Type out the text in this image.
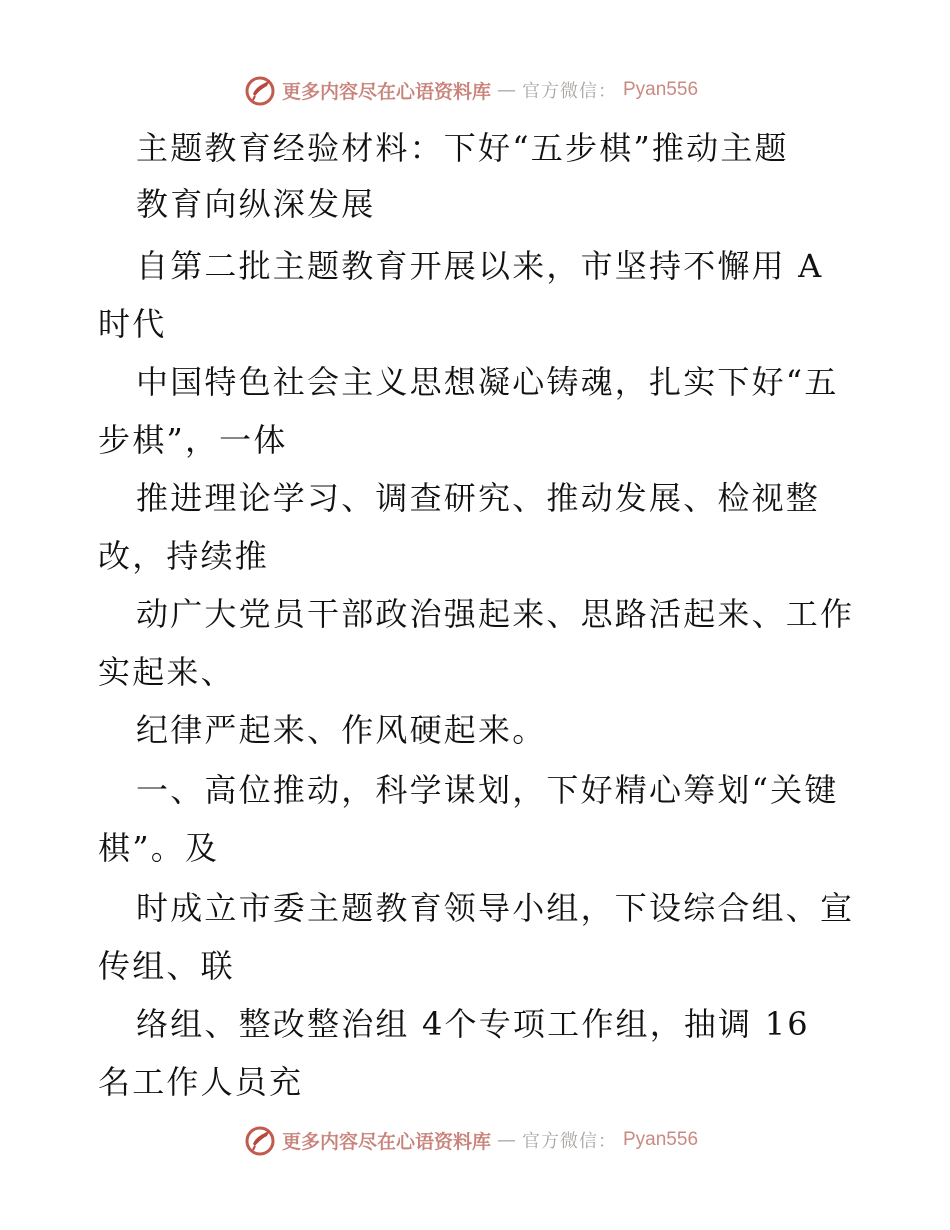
更多内容尽在心语资料库 — 官方微信： Pyan556
主题教育经验材料：下好“五步棋”推动主题
教育向纵深发展
自第二批主题教育开展以来，市坚持不懈用 A
时代
中国特色社会主义思想凝心铸魂，扎实下好“五
步棋”，一体
推进理论学习、调查研究、推动发展、检视整
改，持续推
动广大党员干部政治强起来、思路活起来、工作
实起来、
纪律严起来、作风硬起来。
一、高位推动，科学谋划，下好精心筹划“关键
棋”。及
时成立市委主题教育领导小组，下设综合组、宣
传组、联
络组、整改整治组 4个专项工作组，抽调 16
名工作人员充
更多内容尽在心语资料库 — 官方微信： Pyan556
